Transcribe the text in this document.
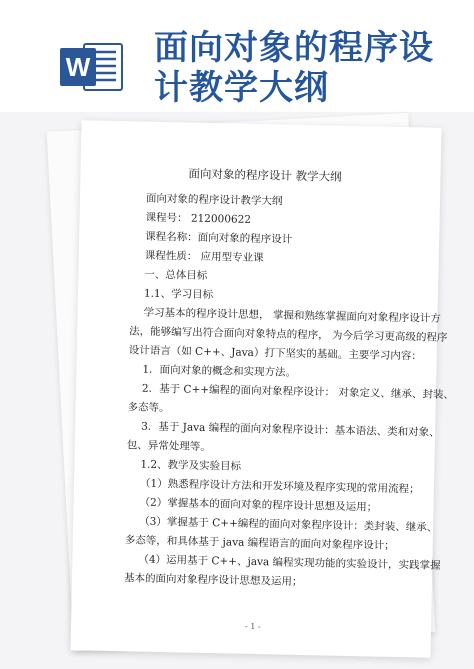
W 面向对象的程序设
计教学大纲
面向对象的程序设计 教学大纲
面向对象的程序设计教学大纲
课程号： 212000622
课程名称：面向对象的程序设计
课程性质： 应用型专业课
一、总体目标
1.1、学习目标
学习基本的程序设计思想， 掌握和熟练掌握面向对象程序设计方
法，能够编写出符合面向对象特点的程序， 为今后学习更高级的程序
设计语言（如 C++、Java）打下坚实的基础。主要学习内容：
1．面向对象的概念和实现方法。
2．基于 C++编程的面向对象程序设计： 对象定义、继承、封装、
多态等。
3．基于 Java 编程的面向对象程序设计：基本语法、类和对象、
包、异常处理等。
1.2、教学及实验目标
（1）熟悉程序设计方法和开发环境及程序实现的常用流程；
（2）掌握基本的面向对象的程序设计思想及运用；
（3）掌握基于 C++编程的面向对象程序设计：类封装、继承、
多态等，和具体基于 java 编程语言的面向对象程序设计；
（4）运用基于 C++、java 编程实现功能的实验设计，实践掌握
基本的面向对象程序设计思想及运用；
- 1 -
